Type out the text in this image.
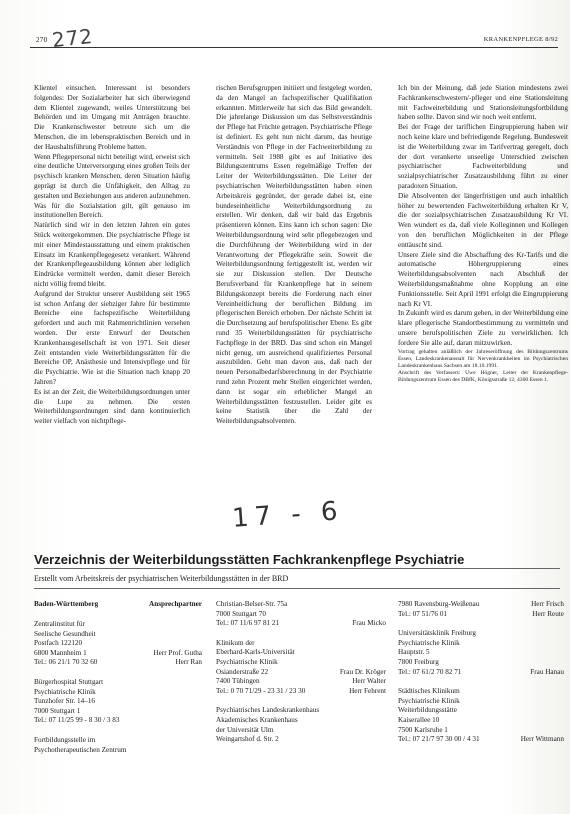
270 272	KRANKENPFLEGE 8/92

Klientel einsuchen. Interessant ist besonders folgendes: Der Sozialarbeiter hat sich überwiegend dem Klientel zugewandt, weiles Unterstützung bei Behörden und im Umgang mit Anträgen brauchte. Die Krankenschwester betreute sich um die Menschen, die im lebenspraktischen Bereich und in der Haushaltsführung Probleme hatten.

Wenn Pflegepersonal nicht beteiligt wird, erweist sich eine deutliche Unterversorgung eines großen Teils der psychisch kranken Menschen, deren Situation häufig geprägt ist durch die Unfähigkeit, den Alltag zu gestalten und Beziehungen aus anderen aufzunehmen. Was für die Sozialstation gilt, gilt genauso im institutionellen Bereich.

Natürlich sind wir in den letzten Jahren ein gutes Stück weitergekommen. Die psychiatrische Pflege ist mit einer Mindestausstattung und einem praktischen Einsatz im Krankenpflegegesetz verankert. Während der Krankenpflegeausbildung können aber lediglich Eindrücke vermittelt werden, damit dieser Bereich nicht völlig fremd bleibt.

Aufgrund der Struktur unserer Ausbildung seit 1965 ist schon Anfang der siebziger Jahre für bestimmte Bereiche eine fachspezifische Weiterbildung gefordert und auch mit Rahmenrichtlinien versehen worden. Der erste Entwurf der Deutschen Krankenhausgesellschaft ist von 1971. Seit dieser Zeit entstanden viele Weiterbildungsstätten für die Bereiche OP, Anästhesie und Intensivpflege und für die Psychiatrie. Wie ist die Situation nach knapp 20 Jahren?

Es ist an der Zeit, die Weiterbildungsordnungen unter die Lupe zu nehmen. Die ersten Weiterbildungsordnungen sind dann kontinuierlich weiter vielfach von nichtpflege-

rischen Berufsgruppen initiiert und festgelegt worden, da den Mangel an fachspezifischer Qualifikation erkannten. Mittlerweile hat sich das Bild gewandelt. Die jahrelange Diskussion um das Selbstverständnis der Pflege hat Früchte getragen. Psychiatrische Pflege ist definiert. Es geht nun nicht darum, das heutige Verständnis von Pflege in der Fachweiterbildung zu vermitteln. Seit 1988 gibt es auf Initiative des Bildungszentrums Essen regelmäßige Treffen der Leiter der Weiterbildungsstätten. Die Leiter der psychiatrischen Weiterbildungsstätten haben einen Arbeitskreis gegründet, der gerade dabei ist, eine bundeseinheitliche Weiterbildungsordnung zu erstellen. Wir denken, daß wir bald das Ergebnis präsentieren können. Eins kann ich schon sagen: Die Weiterbildungsordnung wird sehr pflegebezogen und die Durchführung der Weiterbildung wird in der Verantwortung der Pflegekräfte sein. Soweit die Weiterbildungsordnung fertiggestellt ist, werden wir sie zur Diskussion stellen. Der Deutsche Berufsverband für Krankenpflege hat in seinem Bildungskonzept bereits die Forderung nach einer Vereinheitlichung der beruflichen Bildung im pflegerischen Bereich erhoben. Der nächste Schritt ist die Durchsetzung auf berufspolitischer Ebene. Es gibt rund 35 Weiterbildungsstätten für psychiatrische Fachpflege in der BRD. Das sind schon ein Mangel nicht genug, um ausreichend qualifiziertes Personal auszubilden. Geht man davon aus, daß nach der neuen Personalbedarfsberechnung in der Psychiatrie rund zehn Prozent mehr Stellen eingerichtet werden, dann ist sogar ein erheblicher Mangel an Weiterbildungsstätten festzustellen. Leider gibt es keine Statistik über die Zahl der Weiterbildungsabsolventen.

Ich bin der Meinung, daß jede Station mindestens zwei Fachkrankenschwestern/-pfleger und eine Stationsleitung mit Fachweiterbildung und Stationsleitungsfortbildung haben sollte. Davon sind wir noch weit entfernt.

Bei der Frage der tariflichen Eingruppierung haben wir noch keine klare und befriedigende Regelung. Bundesweit ist die Weiterbildung zwar im Tarifvertrag geregelt, doch der dort verankerte unseelige Unterschied zwischen psychiatrischer Fachweiterbildung und sozialpsychiatrischer Zusatzausbildung führt zu einer paradoxen Situation.

Die Absolventen der längerfristigen und auch inhaltlich höher zu bewertenden Fachweiterbildung erhalten Kr V, die der sozialpsychiatrischen Zusatzausbildung Kr VI. Wen wundert es da, daß viele Kolleginnen und Kollegen von den beruflichen Möglichkeiten in der Pflege enttäuscht sind.

Unsere Ziele sind die Abschaffung des Kr-Tarifs und die automatische Höhergruppierung eines Weiterbildungsabsolventen nach Abschluß der Weiterbildungsmaßnahme ohne Kopplung an eine Funktionsstelle. Seit April 1991 erfolgt die Eingruppierung nach Kr VI.

In Zukunft wird es darum gehen, in der Weiterbildung eine klare pflegerische Standortbestimmung zu vermitteln und unsere berufspolitischen Ziele zu verwirklichen. Ich fordere Sie alle auf, daran mitzuwirken.

Vortrag gehalten anläßlich der Jahreseröffnung des Bildungszentrums Essen, Landeskrankenanstalt für Nervenkrankheiten im Psychiatrischen Landeskrankenhaus Sachsen am 18.10.1991.

Anschrift des Verfassers: Uwe Högner, Leiter der Krankenpflege-Bildungszentrum Essen des DBfK, Königsstraße 12, 4300 Essen 1.

17 - 6
Verzeichnis der Weiterbildungsstätten Fachkrankenpflege Psychiatrie
Erstellt vom Arbeitskreis der psychiatrischen Weiterbildungsstätten in der BRD
Baden-Württemberg	Ansprechpartner
Zentralinstitut für
Seelische Gesundheit
Postfach 122120
6800 Mannheim 1	Herr Prof. Gutha
Tel.: 06 21/1 70 32 60	Herr Ran
Bürgerhospital Stuttgart
Psychiatrische Klinik
Tunzhofer Str. 14–16
7000 Stuttgart 1
Tel.: 07 11/25 99 - 8 30 / 3 83
Fortbildungsstelle im
Psychotherapeutischen Zentrum
Christian-Belser-Str. 75a
7000 Stuttgart 70
Tel.: 07 11/6 97 81 21	Frau Micko
Klinikum der
Eberhard-Karls-Universität
Psychiatrische Klinik
Osianderstraße 22	Frau Dr. Kröger
7400 Tübingen	Herr Walter
Tel.: 0 70 71/29 - 23 31 / 23 30	Herr Fehrent
Psychiatrisches Landeskrankenhaus
Akademisches Krankenhaus
der Universität Ulm
Weingartshof d. Str. 2
7980 Ravensburg-Weißenau	Herr Frisch
Tel.: 07 51/76 01	Herr Reute
Universitätsklinik Freiburg
Psychiatrische Klinik
Hauptstr. 5
7800 Freiburg
Tel.: 07 61/2 70 82 71	Frau Hanau
Städtisches Klinikum
Psychiatrische Klinik
Weiterbildungsstätte
Kaiserallee 10
7500 Karlsruhe 1
Tel.: 07 21/7 97 30 00 / 4 31	Herr Wittmann
